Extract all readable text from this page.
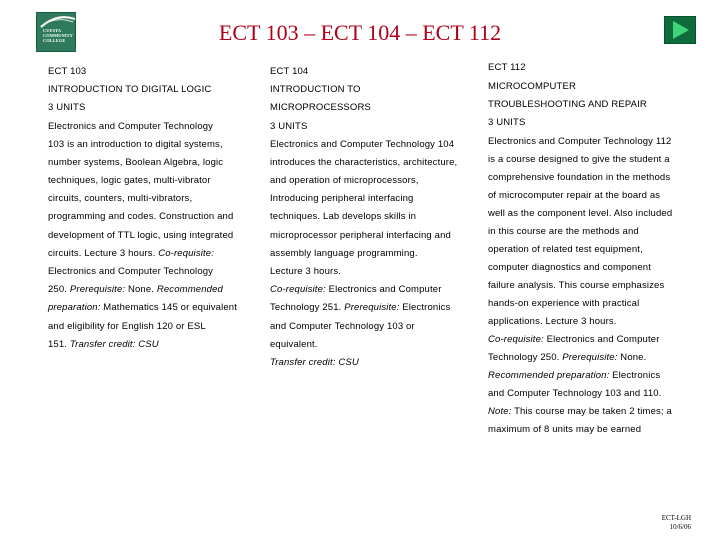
CUESTA
COMMUNITY
COLLEGE	ECT 103 – ECT 104 – ECT 112
ECT 103
INTRODUCTION TO DIGITAL LOGIC
3 UNITS
Electronics and Computer Technology
103 is an introduction to digital systems,
number systems, Boolean Algebra, logic
techniques, logic gates, multi-vibrator
circuits, counters, multi-vibrators,
programming and codes. Construction and
development of TTL logic, using integrated
circuits. Lecture 3 hours. Co-requisite:
Electronics and Computer Technology
250. Prerequisite: None. Recommended
preparation: Mathematics 145 or equivalent
and eligibility for English 120 or ESL
151. Transfer credit: CSU
ECT 104
INTRODUCTION TO
MICROPROCESSORS
3 UNITS
Electronics and Computer Technology 104
introduces the characteristics, architecture,
and operation of microprocessors,
Introducing peripheral interfacing
techniques. Lab develops skills in
microprocessor peripheral interfacing and
assembly language programming.
Lecture 3 hours.
Co-requisite: Electronics and Computer
Technology 251. Prerequisite: Electronics
and Computer Technology 103 or
equivalent.
Transfer credit: CSU
ECT 112
MICROCOMPUTER
TROUBLESHOOTING AND REPAIR
3 UNITS
Electronics and Computer Technology 112
is a course designed to give the student a
comprehensive foundation in the methods
of microcomputer repair at the board as
well as the component level. Also included
in this course are the methods and
operation of related test equipment,
computer diagnostics and component
failure analysis. This course emphasizes
hands-on experience with practical
applications. Lecture 3 hours.
Co-requisite: Electronics and Computer
Technology 250. Prerequisite: None.
Recommended preparation: Electronics
and Computer Technology 103 and 110.
Note: This course may be taken 2 times; a
maximum of 8 units may be earned
ECT-LGH
10/6/06
